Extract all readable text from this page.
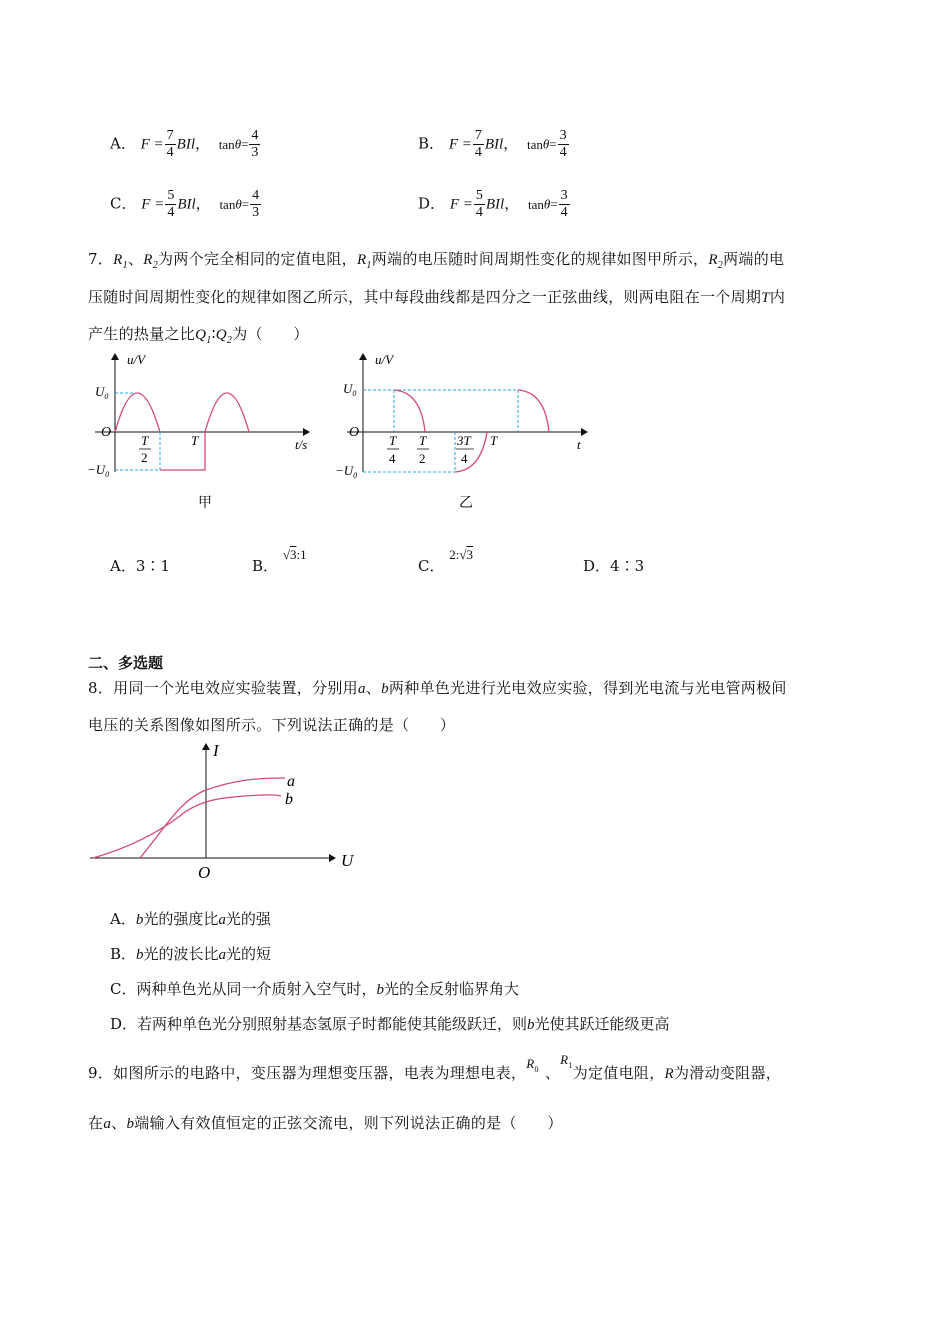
A． $F = \frac{7}{4}$ BIl， $\tan\theta= \frac{4}{3}$	B． $F = \frac{7}{4}$ BIl， $\tan\theta= \frac{3}{4}$
C． $F = \frac{5}{4}$ BIl， $\tan\theta= \frac{4}{3}$	D． $F = \frac{5}{4}$ BIl， $\tan\theta= \frac{3}{4}$
7．$R_1$、$R_2$为两个完全相同的定值电阻，$R_1$两端的电压随时间周期性变化的规律如图甲所示，$R_2$两端的电
压随时间周期性变化的规律如图乙所示，其中每段曲线都是四分之一正弦曲线，则两电阻在一个周期T内
产生的热量之比$Q_1∶Q_2$为（　　）
u/V
$U_0$
O
$-U_0$
T
2
T	t/s
甲
u/V
$U_0$
O
$-U_0$
T
4
T
2
3T
4
T	t
乙
A．3∶1	B． √3:1
C． 2:√3
D．4∶3
二、多选题
8．用同一个光电效应实验装置，分别用a、b两种单色光进行光电效应实验，得到光电流与光电管两极间
电压的关系图像如图所示。下列说法正确的是（　　）
I
U
O
a
b
A．b光的强度比a光的强
B．b光的波长比a光的短
C．两种单色光从同一介质射入空气时，b光的全反射临界角大
D．若两种单色光分别照射基态氢原子时都能使其能级跃迁，则b光使其跃迁能级更高
9．如图所示的电路中，变压器为理想变压器，电表为理想电表，$R_0$ 、$R_1$为定值电阻，R为滑动变阻器，
在a、b端输入有效值恒定的正弦交流电，则下列说法正确的是（　　）
